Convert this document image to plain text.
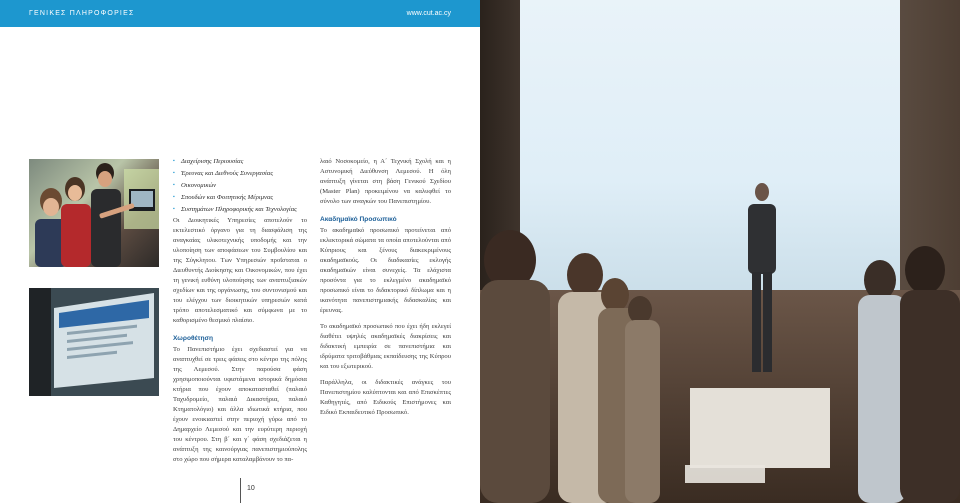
ΓΕΝΙΚΕΣ ΠΛΗΡΟΦΟΡΙΕΣ	www.cut.ac.cy
▪ Διαχείρισης Περιουσίας
▪ Έρευνας και Διεθνούς Συνεργασίας
▪ Οικονομικών
▪ Σπουδών και Φοιτητικής Μέριμνας
▪ Συστημάτων Πληροφορικής και Τεχνολογίας
Οι Διοικητικές Υπηρεσίες αποτελούν το εκτελεστικό όργανο για τη διασφάλιση της αναγκαίας υλικοτεχνικής υποδομής και την υλοποίηση των αποφάσεων του Συμβουλίου και της Σύγκλητου. Των Υπηρεσιών προΐσταται ο Διευθυντής Διοίκησης και Οικονομικών, που έχει τη γενική ευθύνη υλοποίησης των αναπτυξιακών σχεδίων και της οργάνωσης, του συντονισμού και του ελέγχου των διοικητικών υπηρεσιών κατά τρόπο αποτελεσματικό και σύμφωνα με το καθορισμένο θεσμικό πλαίσιο.
Χωροθέτηση
Το Πανεπιστήμιο έχει σχεδιαστεί για να αναπτυχθεί σε τρεις φάσεις στο κέντρο της πόλης της Λεμεσού. Στην παρούσα φάση χρησιμοποιούνται υφιστάμενα ιστορικά δημόσια κτήρια που έχουν αποκατασταθεί (παλαιό Ταχυδρομείο, παλαιά Δικαστήρια, παλαιό Κτηματολόγιο) και άλλα ιδιωτικά κτήρια, που έχουν ενοικιαστεί στην περιοχή γύρω από το Δημαρχείο Λεμεσού και την ευρύτερη περιοχή του κέντρου. Στη β΄ και γ΄ φάση σχεδιάζεται η ανάπτυξη της καινούργιας πανεπιστημιούπολης στο χώρο που σήμερα καταλαμβάνουν το πα-
λαιό Νοσοκομείο, η Α΄ Τεχνική Σχολή και η Αστυνομική Διεύθυνση Λεμεσού. Η όλη ανάπτυξη γίνεται στη βάση Γενικού Σχεδίου (Master Plan) προκειμένου να καλυφθεί το σύνολο των αναγκών του Πανεπιστημίου.
Ακαδημαϊκό Προσωπικό
Το ακαδημαϊκό προσωπικό προτείνεται από εκλεκτορικά σώματα τα οποία αποτελούνται από Κύπριους και ξένους διακεκριμένους ακαδημαϊκούς. Οι διαδικασίες εκλογής ακαδημαϊκών είναι συνεχείς. Τα ελάχιστα προσόντα για το εκλεγμένο ακαδημαϊκό προσωπικό είναι το διδακτορικό δίπλωμα και η ικανότητα πανεπιστημιακής διδασκαλίας και έρευνας.
Το ακαδημαϊκό προσωπικό που έχει ήδη εκλεγεί διαθέτει υψηλές ακαδημαϊκές διακρίσεις και διδακτική εμπειρία σε πανεπιστήμια και ιδρύματα τριτοβάθμιας εκπαίδευσης της Κύπρου και του εξωτερικού.
Παράλληλα, οι διδακτικές ανάγκες του Πανεπιστημίου καλύπτονται και από Επισκέπτες Καθηγητές, από Ειδικούς Επιστήμονες και Ειδικό Εκπαιδευτικό Προσωπικό.
10
